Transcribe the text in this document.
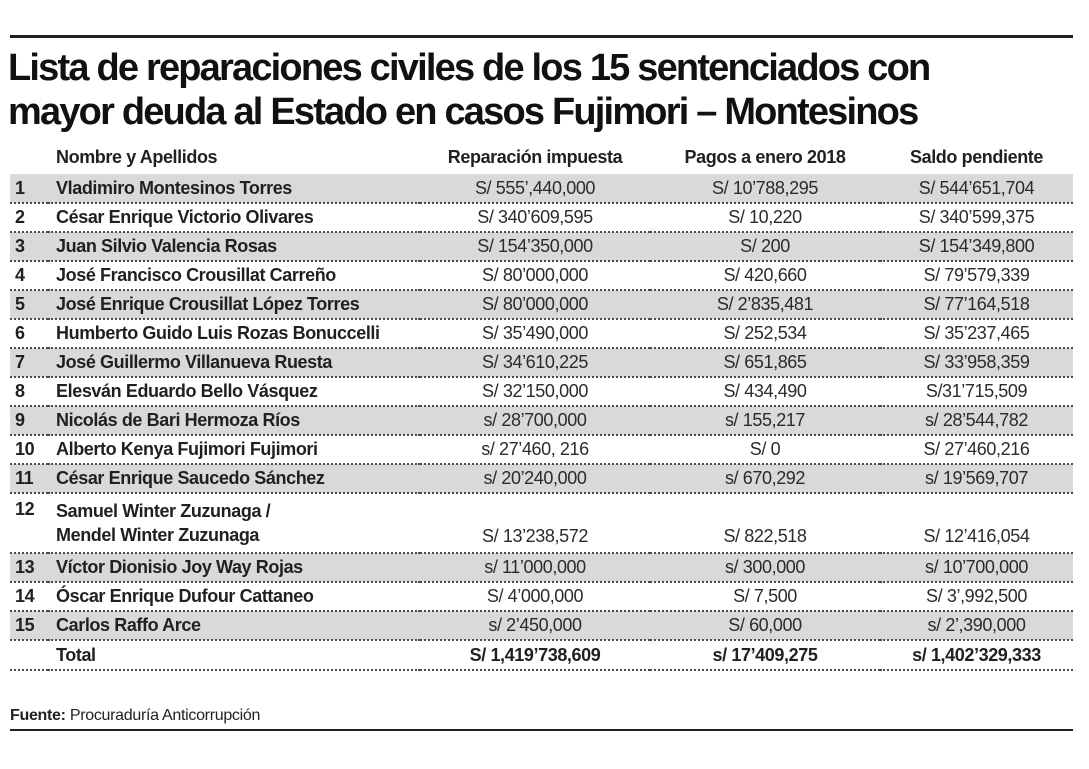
Lista de reparaciones civiles de los 15 sentenciados con
mayor deuda al Estado en casos Fujimori – Montesinos
	Nombre y Apellidos	Reparación impuesta	Pagos a enero 2018	Saldo pendiente
1	Vladimiro Montesinos Torres	S/ 555’,440,000	S/ 10’788,295	S/ 544’651,704
2	César Enrique Victorio Olivares	S/ 340’609,595	S/ 10,220	S/ 340’599,375
3	Juan Silvio Valencia Rosas	S/ 154’350,000	S/ 200	S/ 154’349,800
4	José Francisco Crousillat Carreño	S/ 80’000,000	S/ 420,660	S/ 79’579,339
5	José Enrique Crousillat López Torres	S/ 80’000,000	S/ 2’835,481	S/ 77’164,518
6	Humberto Guido Luis Rozas Bonuccelli	S/ 35’490,000	S/ 252,534	S/ 35’237,465
7	José Guillermo Villanueva Ruesta	S/ 34’610,225	S/ 651,865	S/ 33’958,359
8	Elesván Eduardo Bello Vásquez	S/ 32’150,000	S/ 434,490	S/31’715,509
9	Nicolás de Bari Hermoza Ríos	s/ 28’700,000	s/ 155,217	s/ 28’544,782
10	Alberto Kenya Fujimori Fujimori	s/ 27’460, 216	S/ 0	S/ 27’460,216
11	César Enrique Saucedo Sánchez	s/ 20’240,000	s/ 670,292	s/ 19’569,707
12	Samuel Winter Zuzunaga /
Mendel Winter Zuzunaga	S/ 13’238,572	S/ 822,518	S/ 12’416,054
13	Víctor Dionisio Joy Way Rojas	s/ 11’000,000	s/ 300,000	s/ 10’700,000
14	Óscar Enrique Dufour Cattaneo	S/ 4’000,000	S/ 7,500	S/ 3’,992,500
15	Carlos Raffo Arce	s/ 2’450,000	S/ 60,000	s/ 2’,390,000
	Total	S/ 1,419’738,609	s/ 17’409,275	s/ 1,402’329,333
Fuente: Procuraduría Anticorrupción
